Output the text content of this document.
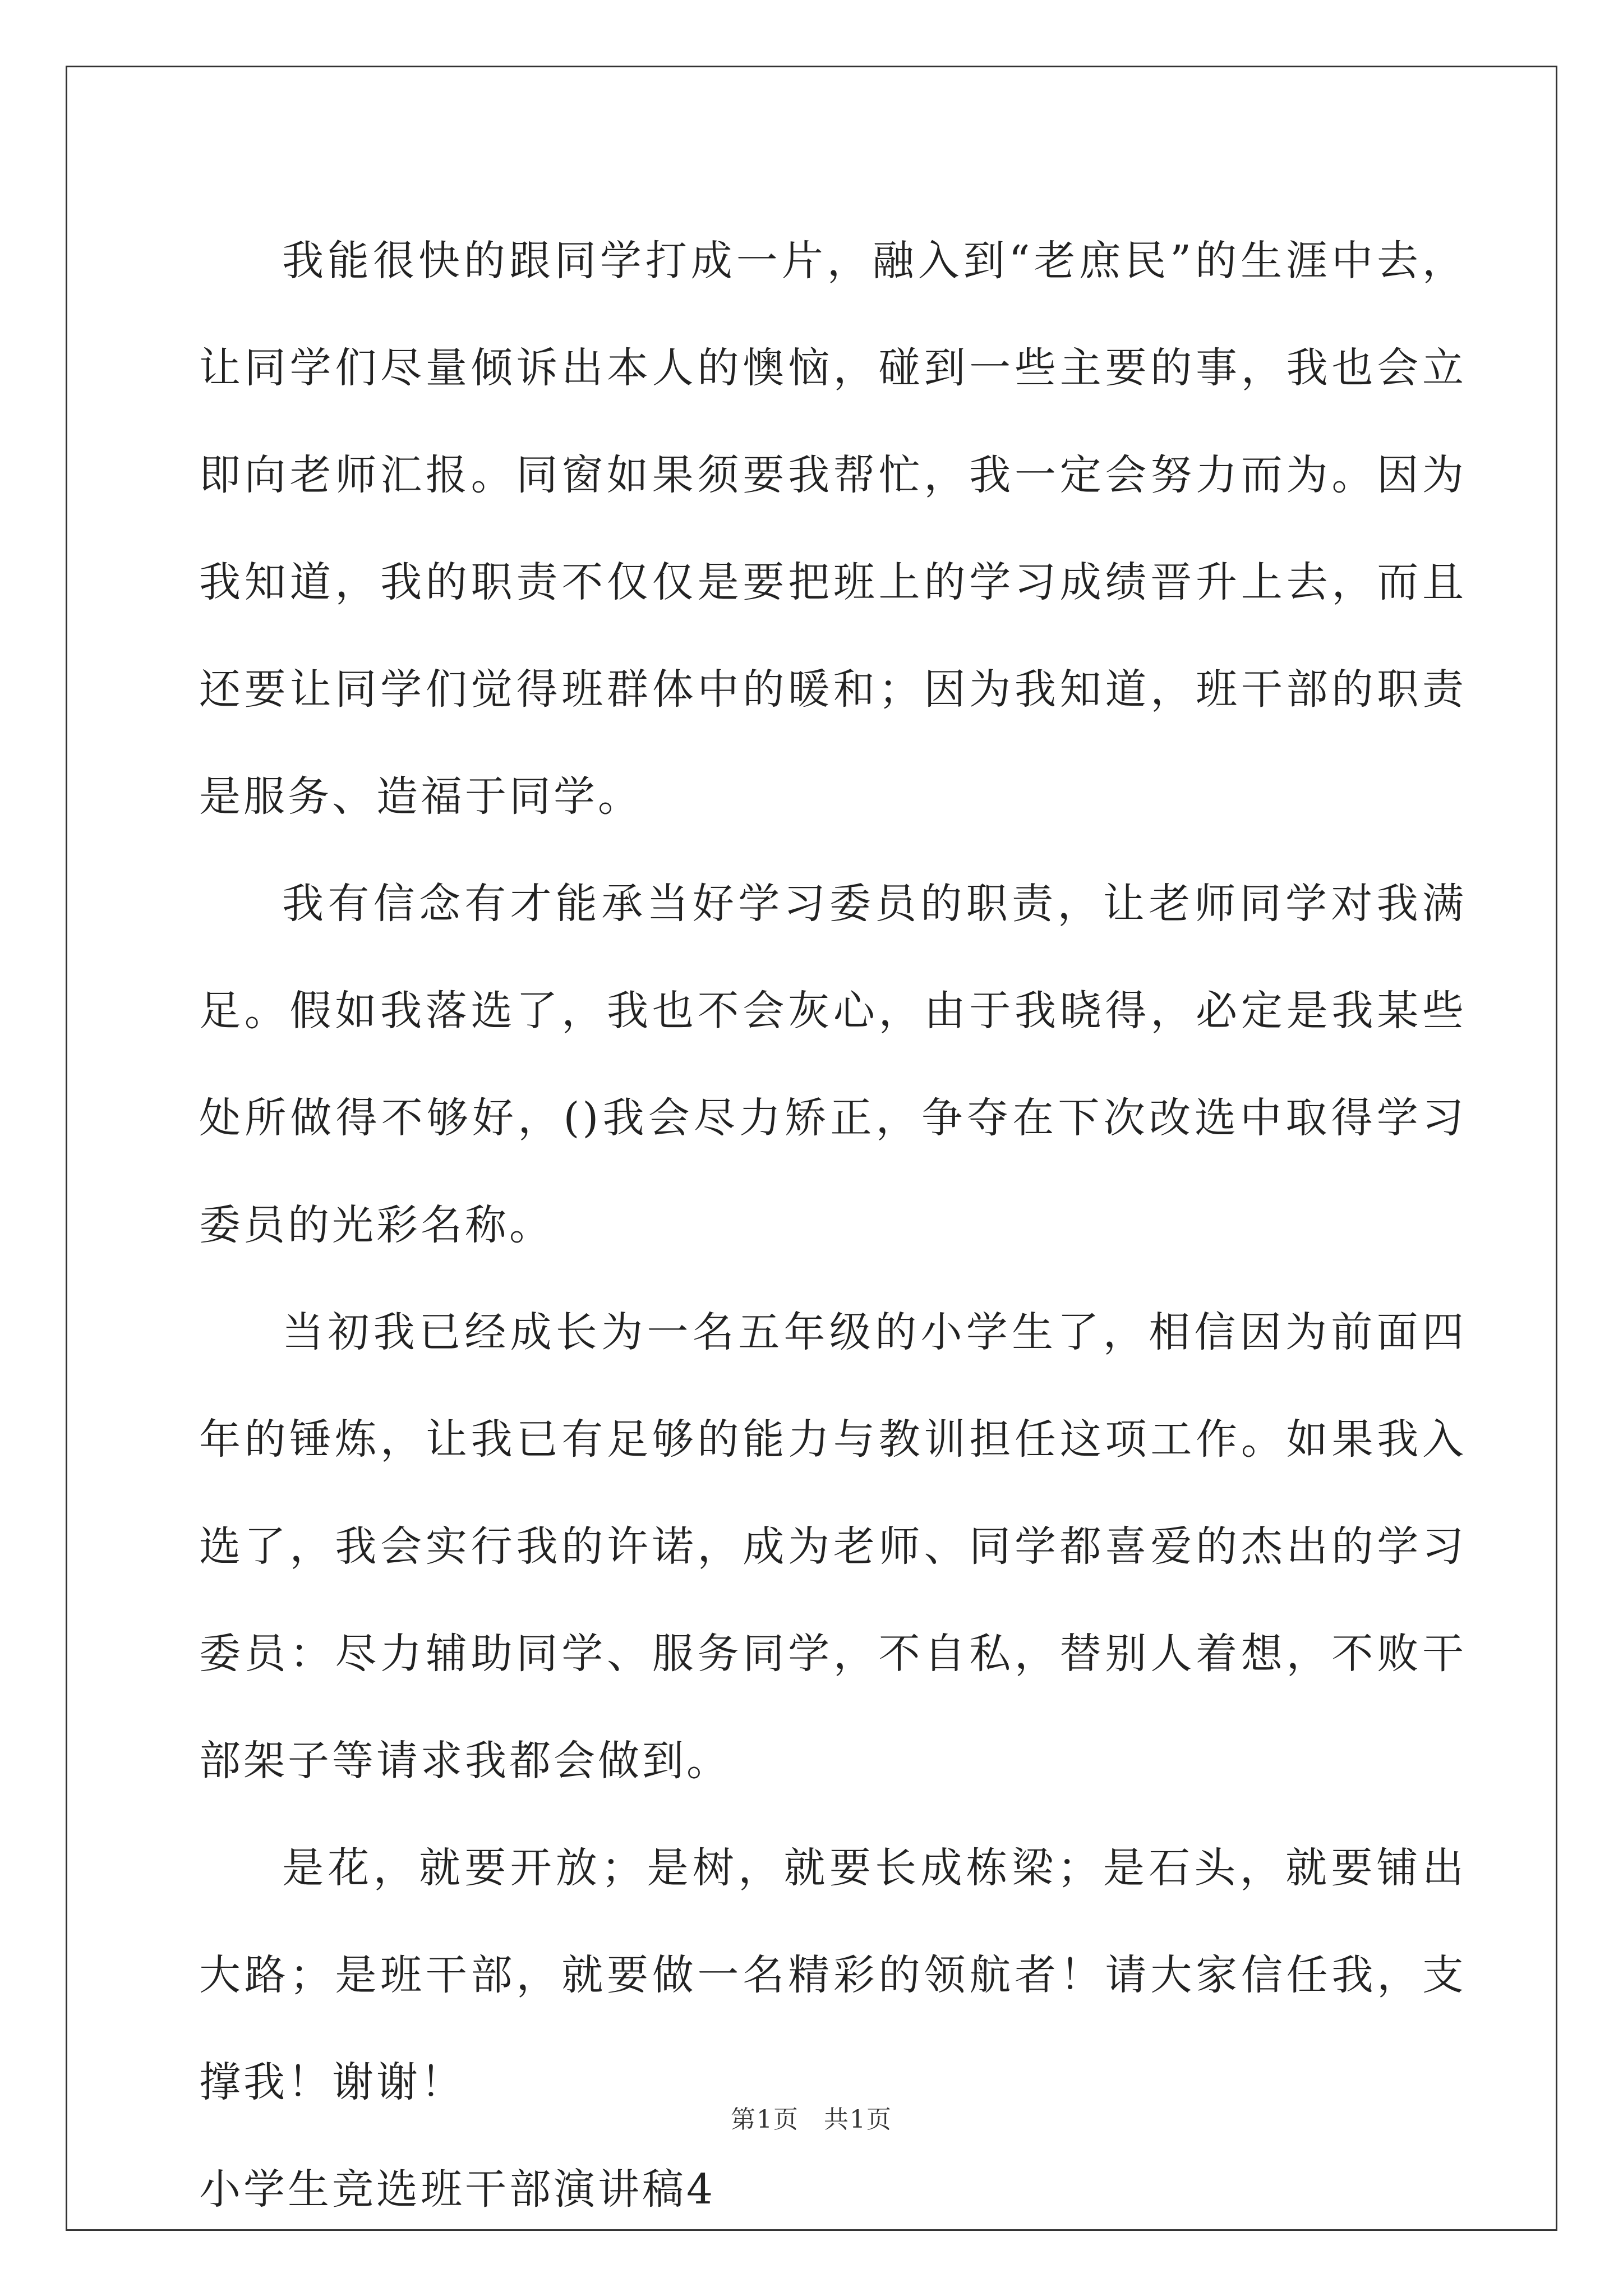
我能很快的跟同学打成一片，融入到“老庶民”的生涯中去，让同学们尽量倾诉出本人的懊恼，碰到一些主要的事，我也会立即向老师汇报。同窗如果须要我帮忙，我一定会努力而为。因为我知道，我的职责不仅仅是要把班上的学习成绩晋升上去，而且还要让同学们觉得班群体中的暖和；因为我知道，班干部的职责是服务、造福于同学。

我有信念有才能承当好学习委员的职责，让老师同学对我满足。假如我落选了，我也不会灰心，由于我晓得，必定是我某些处所做得不够好，()我会尽力矫正，争夺在下次改选中取得学习委员的光彩名称。

当初我已经成长为一名五年级的小学生了，相信因为前面四年的锤炼，让我已有足够的能力与教训担任这项工作。如果我入选了，我会实行我的许诺，成为老师、同学都喜爱的杰出的学习委员：尽力辅助同学、服务同学，不自私，替别人着想，不败干部架子等请求我都会做到。

是花，就要开放；是树，就要长成栋梁；是石头，就要铺出大路；是班干部，就要做一名精彩的领航者！请大家信任我，支撑我！谢谢！

小学生竞选班干部演讲稿4

第1页 共1页
